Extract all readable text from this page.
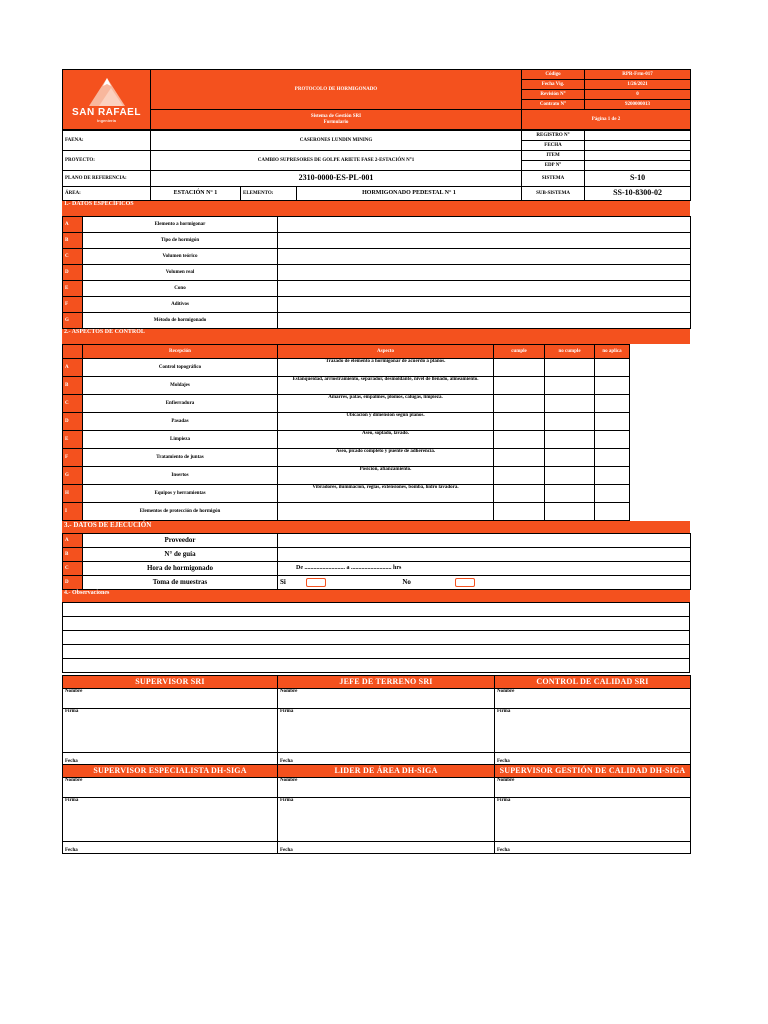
SAN RAFAEL
Ingeniería	PROTOCOLO DE HORMIGONADO	Código	RPR-Frm-017
		Fecha Vig.	1/26/2021
		Revisión N°	0
		Contrato N°	9200000013

	Sistema de Gestión SRI
Formulario	Página 1 de 2	
FAENA:	CASERONES LUNDIN MINING			REGISTRO N°	
				FECHA	
PROYECTO:	CAMBIO SUPRESORES DE GOLPE ARIETE FASE 2-ESTACIÓN N°1			ITEM	
				EDP N°	
PLANO DE REFERENCIA:	2310-0000-ES-PL-001			SISTEMA	S-10
ÁREA:	ESTACIÓN N° 1	ELEMENTO:	HORMIGONADO PEDESTAL N° 1	SUB-SISTEMA	SS-10-8300-02
1.- DATOS ESPECÍFICOS
A	Elemento a hormigonar	
B	Tipo de hormigón	
C	Volumen teórico	
D	Volumen real	
E	Cono	
F	Aditivos	
G	Método de hormigonado	
2.- ASPECTOS DE CONTROL
	Recepción	Aspecto	cumple	no cumple	no aplica	
A	Control topográfico	Trazado de elemento a hormigonar de acuerdo a planos.				
B	Moldajes	Estanqueidad, arriostramiento, separador, desmoldante, nivel de llenado, alineamiento.				
C	Enfierradura	Amarres, patas, empalmes, plomos, calugas, limpieza.				
D	Pasadas	Ubicación y dimensión según planos.				
E	Limpieza	Aseo, soplado, lavado.				
F	Tratamiento de juntas	Aseo, picado completo y puente de adherencia.				
G	Insertos	Posición, afianzamiento.				
H	Equipos y herramientas	Vibradores, iluminación, reglas, extensiones, bomba, hidro lavadora.				
I	Elementos de protección de hormigón					
3.- DATOS DE EJECUCIÓN
A	Proveedor	
B	N° de guía	
C	Hora de hormigonado	De ........................... a ........................... hrs
D	Toma de muestras	Si No
4.- Observaciones

SUPERVISOR SRI	JEFE DE TERRENO SRI	CONTROL DE CALIDAD SRI
Nombre	Nombre	Nombre
Firma	Firma	Firma
Fecha	Fecha	Fecha
SUPERVISOR ESPECIALISTA DH-SIGA	LIDER DE ÁREA DH-SIGA	SUPERVISOR GESTIÓN DE CALIDAD DH-SIGA
Nombre	Nombre	Nombre
Firma	Firma	Firma
Fecha	Fecha	Fecha
